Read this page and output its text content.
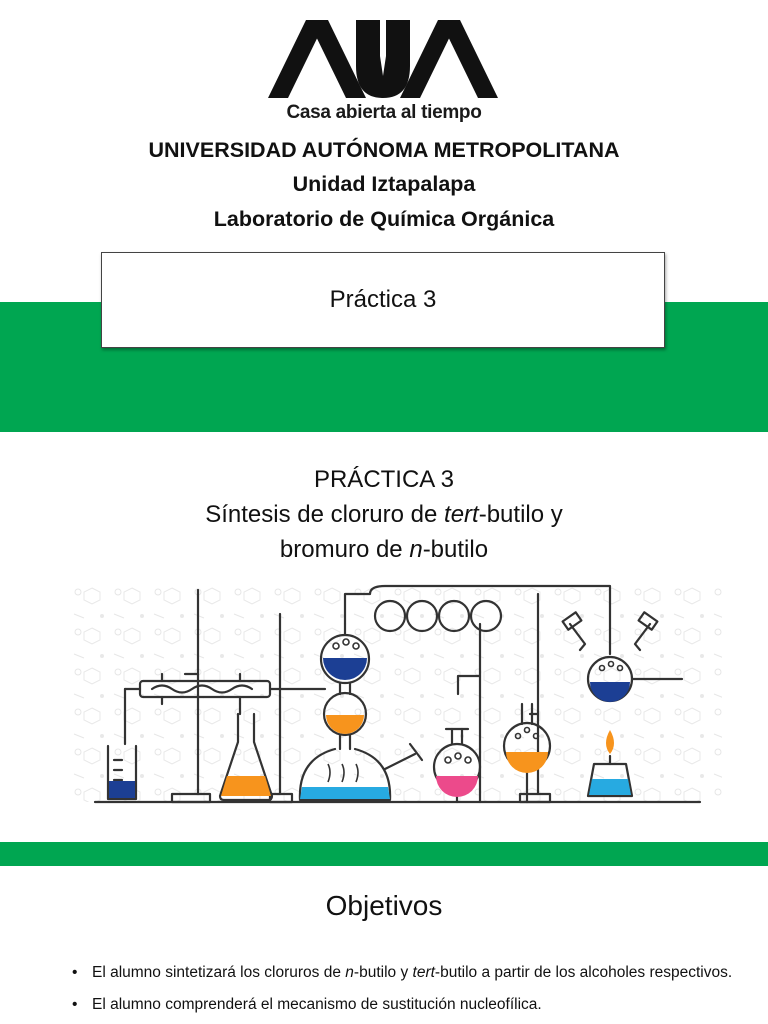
Casa abierta al tiempo
UNIVERSIDAD AUTÓNOMA METROPOLITANA
Unidad Iztapalapa
Laboratorio de Química Orgánica
Práctica 3
PRÁCTICA 3
Síntesis de cloruro de tert-butilo y
bromuro de n-butilo
Objetivos
• El alumno sintetizará los cloruros de n-butilo y tert-butilo a partir de los alcoholes respectivos.
• El alumno comprenderá el mecanismo de sustitución nucleofílica.
